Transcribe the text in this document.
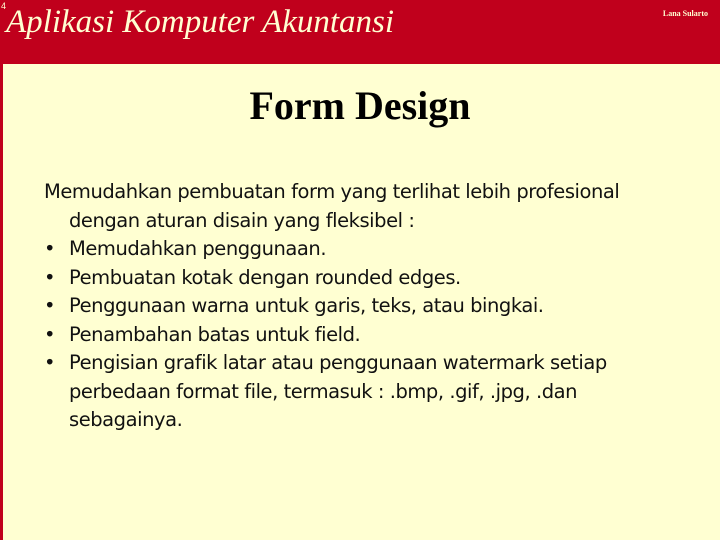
4 Aplikasi Komputer Akuntansi	Lana Sularto
Form Design
Memudahkan pembuatan form yang terlihat lebih profesional dengan aturan disain yang fleksibel :
• Memudahkan penggunaan.
• Pembuatan kotak dengan rounded edges.
• Penggunaan warna untuk garis, teks, atau bingkai.
• Penambahan batas untuk field.
• Pengisian grafik latar atau penggunaan watermark setiap perbedaan format file, termasuk : .bmp, .gif, .jpg, .dan sebagainya.
